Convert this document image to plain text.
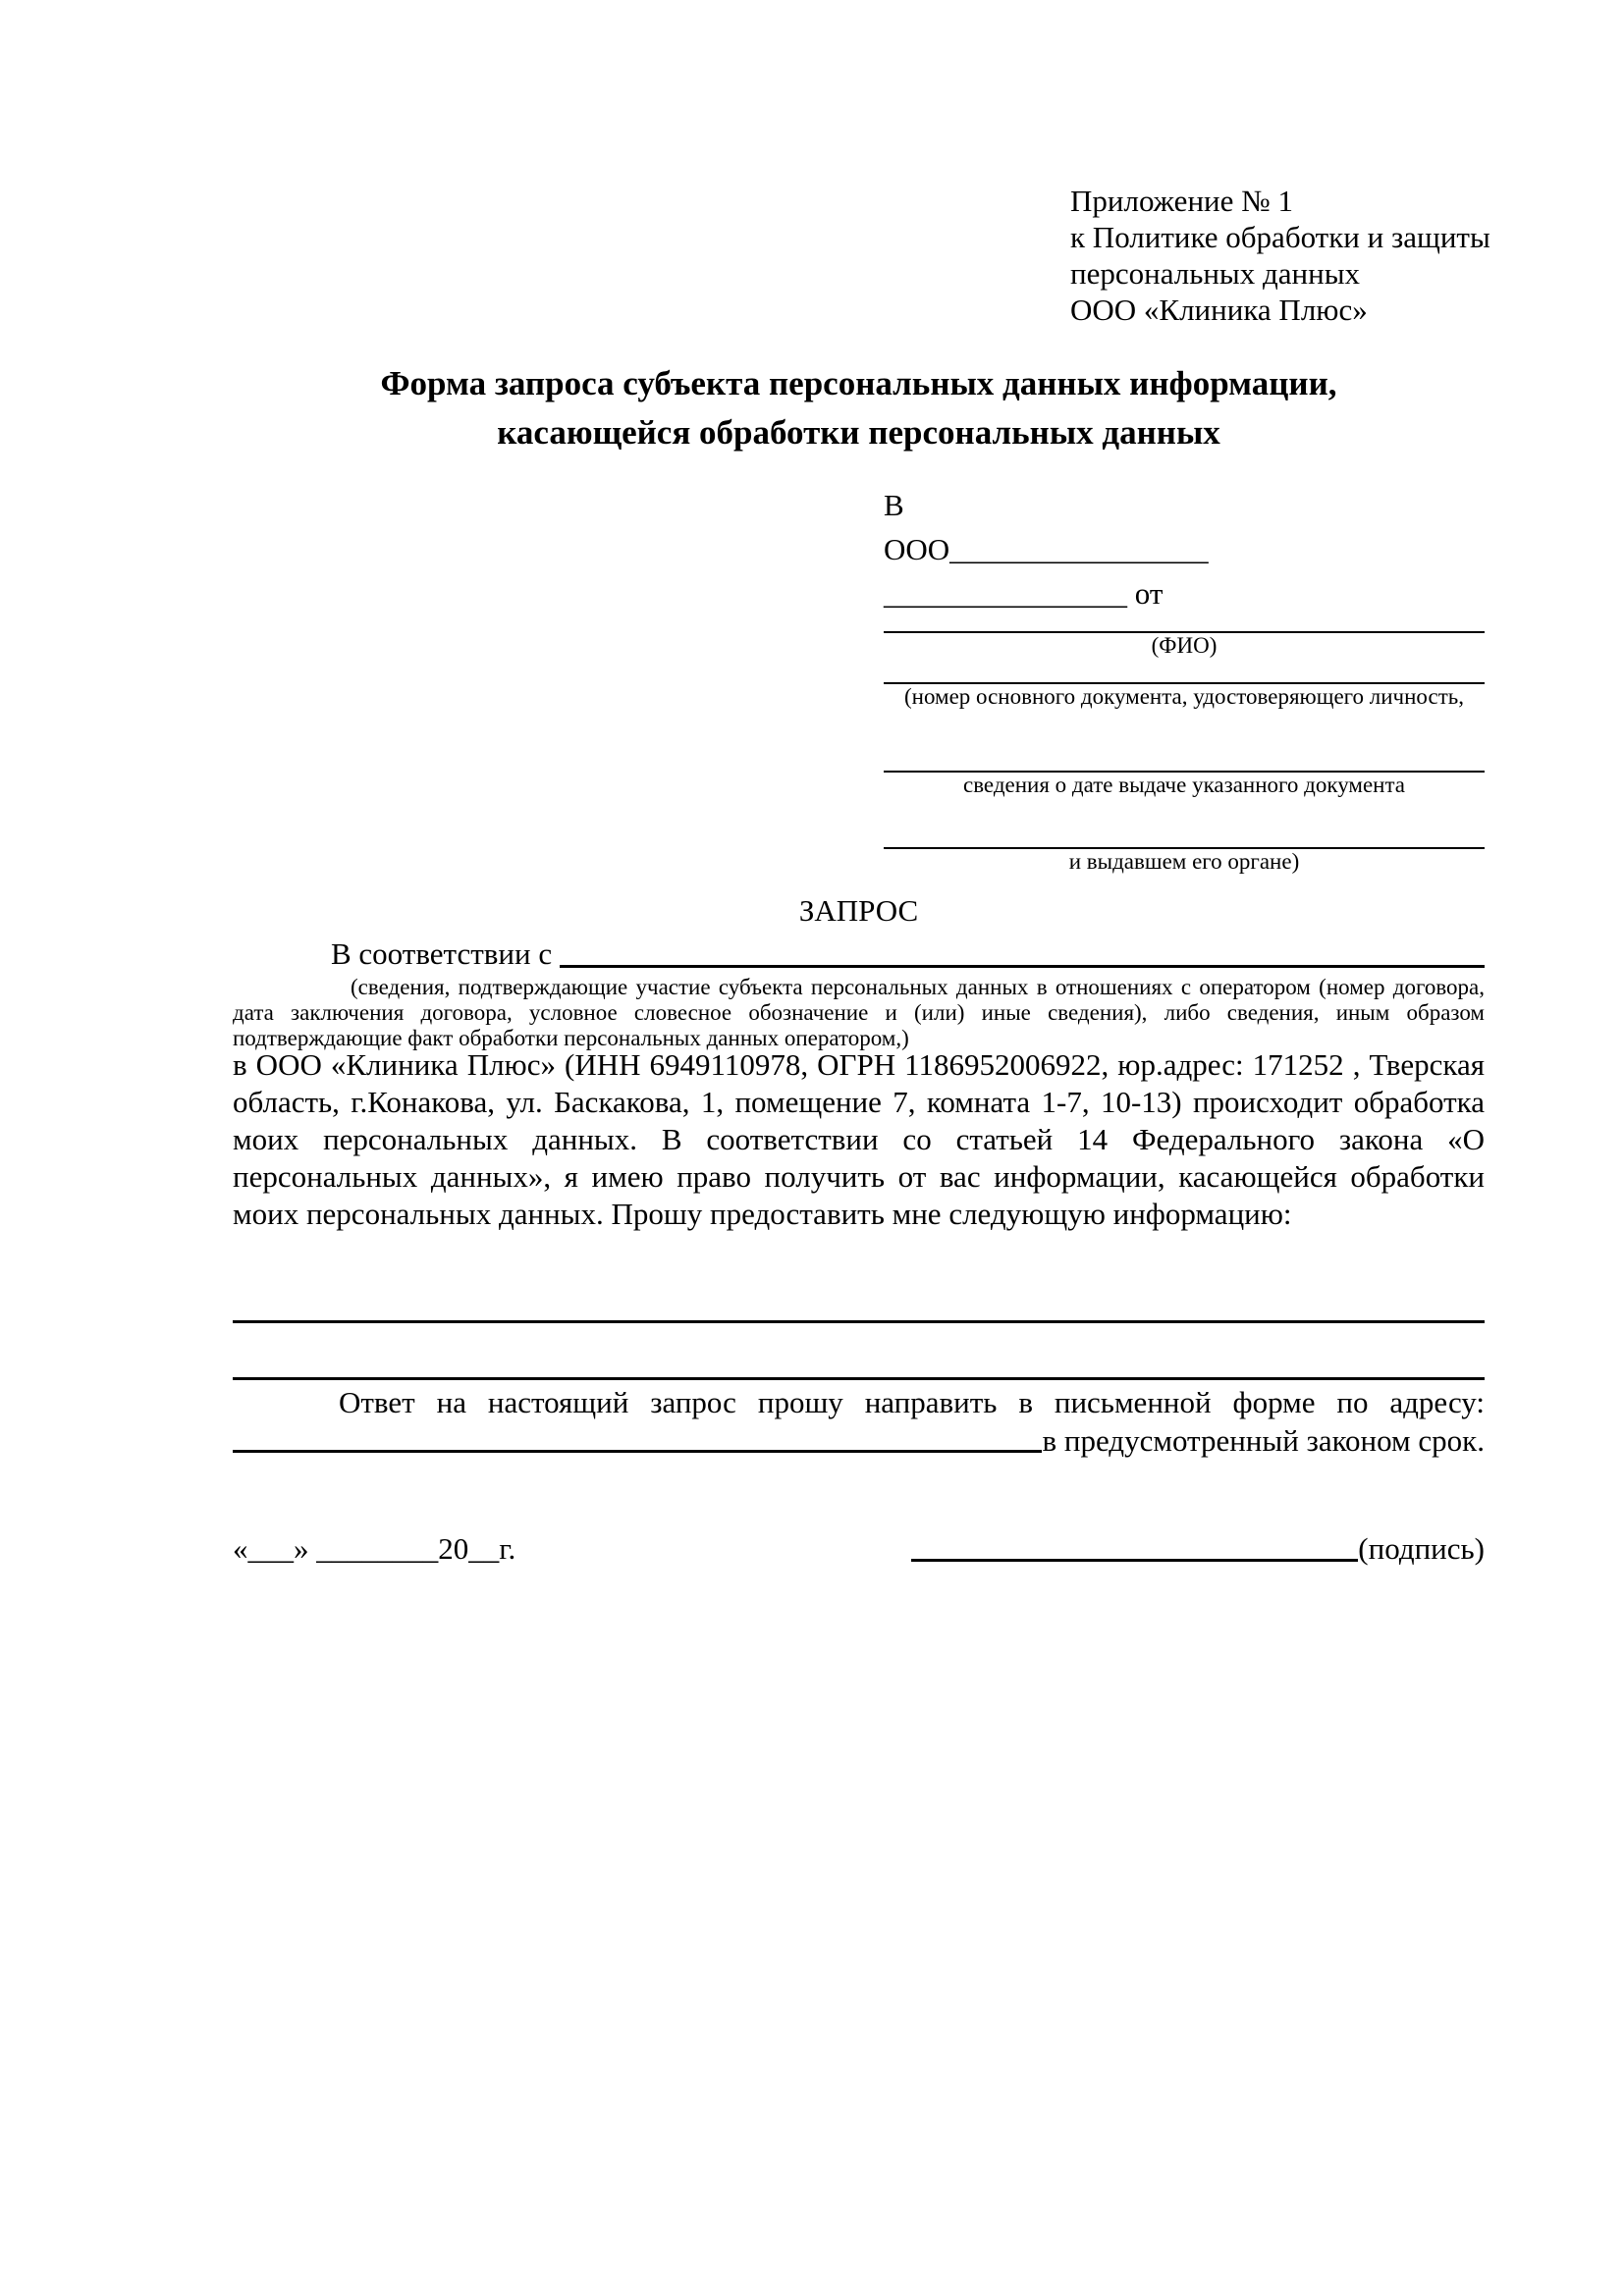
Приложение № 1
к Политике обработки и защиты
персональных данных
ООО «Клиника Плюс»
Форма запроса субъекта персональных данных информации,
касающейся обработки персональных данных
В
ООО_________________
________________ от
(ФИО)
(номер основного документа, удостоверяющего личность,
сведения о дате выдаче указанного документа
и выдавшем его органе)
ЗАПРОС
В соответствии с
(сведения, подтверждающие участие субъекта персональных данных в отношениях с оператором (номер договора, дата заключения договора, условное словесное обозначение и (или) иные сведения), либо сведения, иным образом подтверждающие факт обработки персональных данных оператором,)
в ООО «Клиника Плюс» (ИНН 6949110978, ОГРН 1186952006922, юр.адрес: 171252 , Тверская область, г.Конакова, ул. Баскакова, 1, помещение 7, комната 1-7, 10-13) происходит обработка моих персональных данных. В соответствии со статьей 14 Федерального закона «О персональных данных», я имею право получить от вас информации, касающейся обработки моих персональных данных. Прошу предоставить мне следующую информацию:
Ответ на настоящий запрос прошу направить в письменной форме по адресу:
в предусмотренный законом срок.
«___» ________20__г.	(подпись)
